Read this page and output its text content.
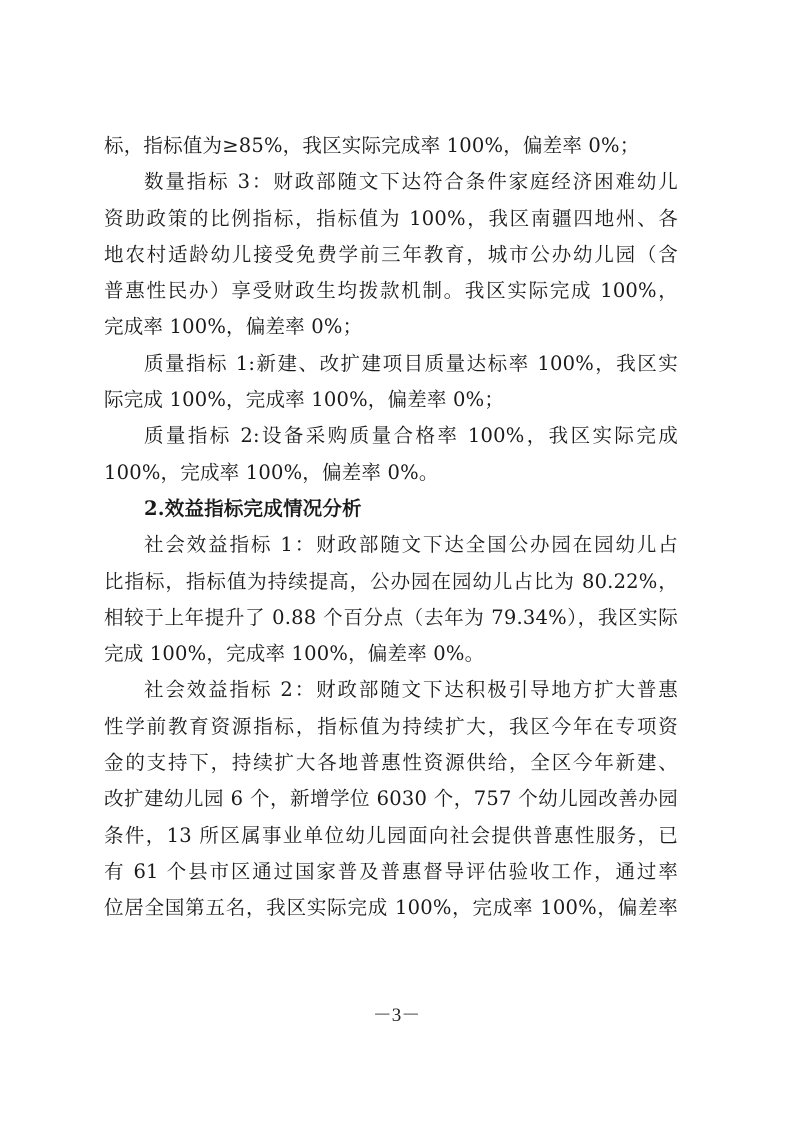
标，指标值为≥85%，我区实际完成率 100%，偏差率 0%；
数量指标 3：财政部随文下达符合条件家庭经济困难幼儿
资助政策的比例指标，指标值为 100%，我区南疆四地州、各
地农村适龄幼儿接受免费学前三年教育，城市公办幼儿园（含
普惠性民办）享受财政生均拨款机制。我区实际完成 100%，
完成率 100%，偏差率 0%；
质量指标 1:新建、改扩建项目质量达标率 100%，我区实
际完成 100%，完成率 100%，偏差率 0%；
质量指标 2:设备采购质量合格率 100%，我区实际完成
100%，完成率 100%，偏差率 0%。
2.效益指标完成情况分析
社会效益指标 1：财政部随文下达全国公办园在园幼儿占
比指标，指标值为持续提高，公办园在园幼儿占比为 80.22%，
相较于上年提升了 0.88 个百分点（去年为 79.34%），我区实际
完成 100%，完成率 100%，偏差率 0%。
社会效益指标 2：财政部随文下达积极引导地方扩大普惠
性学前教育资源指标，指标值为持续扩大，我区今年在专项资
金的支持下，持续扩大各地普惠性资源供给，全区今年新建、
改扩建幼儿园 6 个，新增学位 6030 个，757 个幼儿园改善办园
条件，13 所区属事业单位幼儿园面向社会提供普惠性服务，已
有 61 个县市区通过国家普及普惠督导评估验收工作，通过率
位居全国第五名，我区实际完成 100%，完成率 100%，偏差率
－3－
